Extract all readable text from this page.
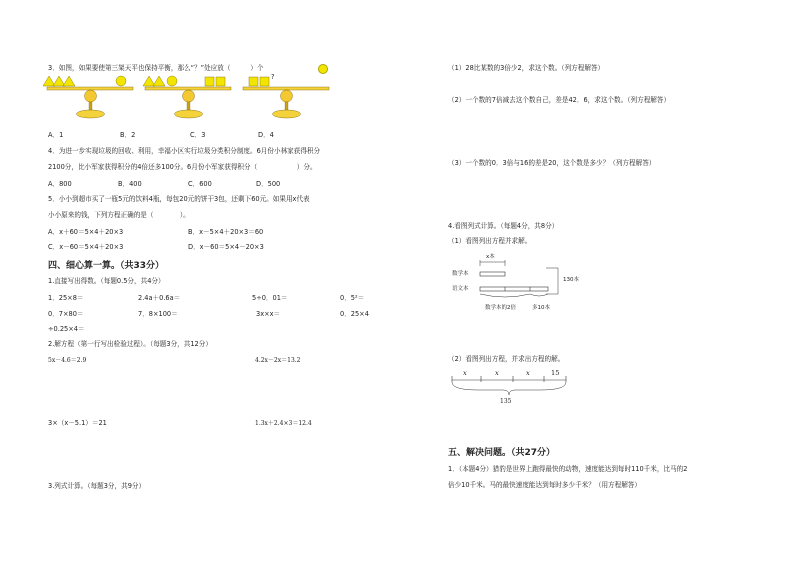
3．如图，如果要使第三架天平也保持平衡，那么“？”处应放（　　　）个
?
A．1	B．2	C．3	D．4
4．为进一步实现垃圾的回收、利用，幸福小区实行垃圾分类积分制度。6月份小林家获得积分
2100分，比小军家获得积分的4倍还多100分。6月份小军家获得积分（　　　　　　）分。
A．800	B．400	C．600	D．500
5．小小到超市买了一瓶5元的饮料4瓶，每包20元的饼干3包，还剩下60元。如果用x代表
小小原来的钱，下列方程正确的是（　　　　）。
A．x＋60＝5×4＋20×3	B．x－5×4＋20×3＝60
C．x－60＝5×4＋20×3	D．x－60＝5×4－20×3
四、细心算一算。（共33分）
1.直接写出得数。（每题0.5分，共4分）
1．25×8＝	2.4a＋0.6a＝	5÷0．01＝	0．5²＝
0．7×80＝	7．8×100＝	3x×x＝	0．25×4
÷0.25×4＝
2.解方程（第一行写出检验过程）。（每题3分，共12分）
5x－4.6＝2.9	4.2x－2x＝13.2
3×（x－5.1）＝21	1.3x＋2.4×3＝12.4
3.列式计算。（每题3分，共9分）
（1）28比某数的3倍少2，求这个数。（列方程解答）
（2）一个数的7倍减去这个数自己，差是42．6，求这个数。（列方程解答）
（3）一个数的0．3倍与16的差是20，这个数是多少？（列方程解答）
4.看图列式计算。（每题4分，共8分）
（1）看图列出方程并求解。
x本
数学本
语文本
130本
数学本的2倍	多10本
（2）看图列出方程，并求出方程的解。
x	x	x	15
135
五、解决问题。（共27分）
1．（本题4分）猎豹是世界上跑得最快的动物，速度能达到每时110千米，比马的2
倍少10千米。马的最快速度能达到每时多少千米？（用方程解答）
